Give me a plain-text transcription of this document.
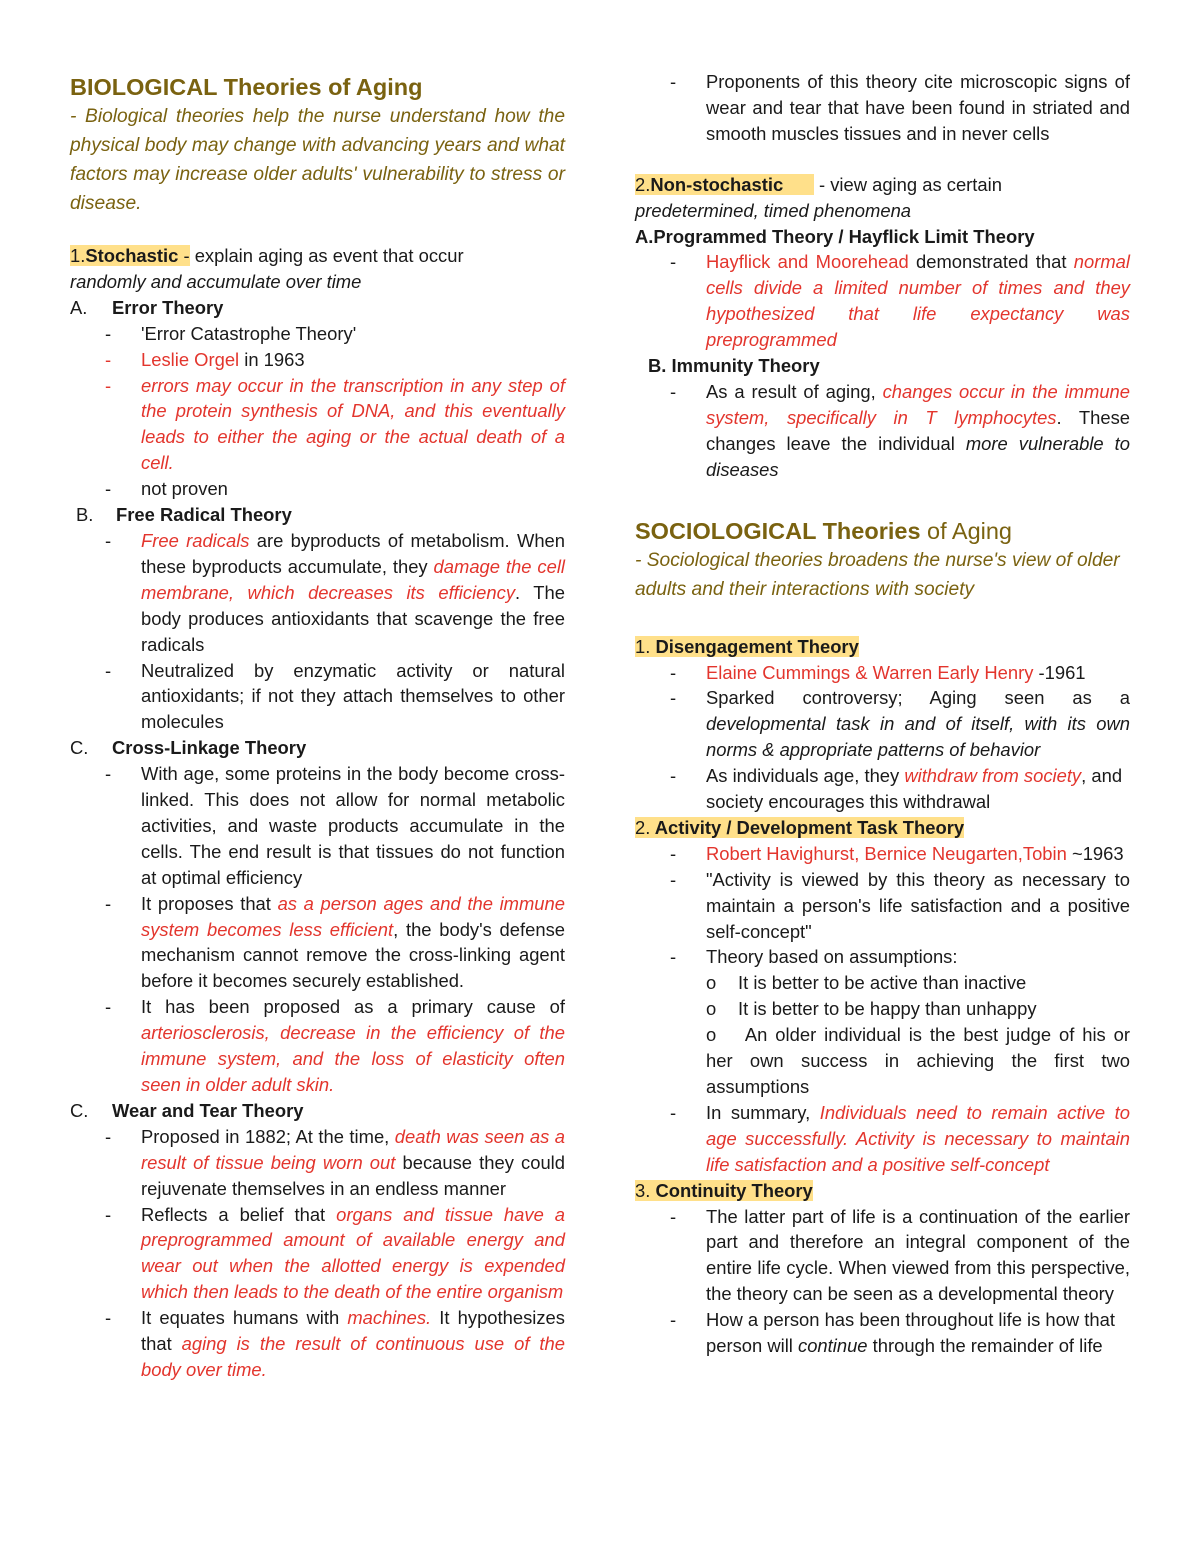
BIOLOGICAL Theories of Aging
- Biological theories help the nurse understand how the physical body may change with advancing years and what factors may increase older adults' vulnerability to stress or disease.
1.Stochastic - explain aging as event that occur
randomly and accumulate over time
A.	Error Theory
-	'Error Catastrophe Theory'
-	Leslie Orgel in 1963
-	errors may occur in the transcription in any step of the protein synthesis of DNA, and this eventually leads to either the aging or the actual death of a cell.
-	not proven
B.	Free Radical Theory
-	Free radicals are byproducts of metabolism. When these byproducts accumulate, they damage the cell membrane, which decreases its efficiency. The body produces antioxidants that scavenge the free radicals
-	Neutralized by enzymatic activity or natural antioxidants; if not they attach themselves to other molecules
C.	Cross-Linkage Theory
-	With age, some proteins in the body become cross- linked. This does not allow for normal metabolic activities, and waste products accumulate in the cells. The end result is that tissues do not function at optimal efficiency
-	It proposes that as a person ages and the immune system becomes less efficient, the body's defense mechanism cannot remove the cross-linking agent before it becomes securely established.
-	It has been proposed as a primary cause of arteriosclerosis, decrease in the efficiency of the immune system, and the loss of elasticity often seen in older adult skin.
C.	Wear and Tear Theory
-	Proposed in 1882; At the time, death was seen as a result of tissue being worn out because they could rejuvenate themselves in an endless manner
-	Reflects a belief that organs and tissue have a preprogrammed amount of available energy and wear out when the allotted energy is expended which then leads to the death of the entire organism
-	It equates humans with machines. It hypothesizes that aging is the result of continuous use of the body over time.
-	Proponents of this theory cite microscopic signs of wear and tear that have been found in striated and smooth muscles tissues and in never cells
2.Non-stochastic       - view aging as certain
predetermined, timed phenomena
A.Programmed Theory / Hayflick Limit Theory
-	Hayflick and Moorehead demonstrated that normal cells divide a limited number of times and they hypothesized that life expectancy was preprogrammed
B. Immunity Theory
-	As a result of aging, changes occur in the immune system, specifically in T lymphocytes. These changes leave the individual more vulnerable to diseases
SOCIOLOGICAL Theories of Aging
- Sociological theories broadens the nurse's view of older adults and their interactions with society
1. Disengagement Theory
-	Elaine Cummings & Warren Early Henry -1961
-	Sparked controversy; Aging seen as a developmental task in and of itself, with its own norms & appropriate patterns of behavior
-	As individuals age, they withdraw from society, and society encourages this withdrawal
2. Activity / Development Task Theory
-	Robert Havighurst, Bernice Neugarten,Tobin ~1963
-	"Activity is viewed by this theory as necessary to maintain a person's life satisfaction and a positive self-concept"
-	Theory based on assumptions:
o	It is better to be active than inactive
o	It is better to be happy than unhappy
o An older individual is the best judge of his or her own success in achieving the first two assumptions
-	In summary, Individuals need to remain active to age successfully. Activity is necessary to maintain life satisfaction and a positive self-concept
3. Continuity Theory
-	The latter part of life is a continuation of the earlier part and therefore an integral component of the entire life cycle. When viewed from this perspective, the theory can be seen as a developmental theory
-	How a person has been throughout life is how that person will continue through the remainder of life
